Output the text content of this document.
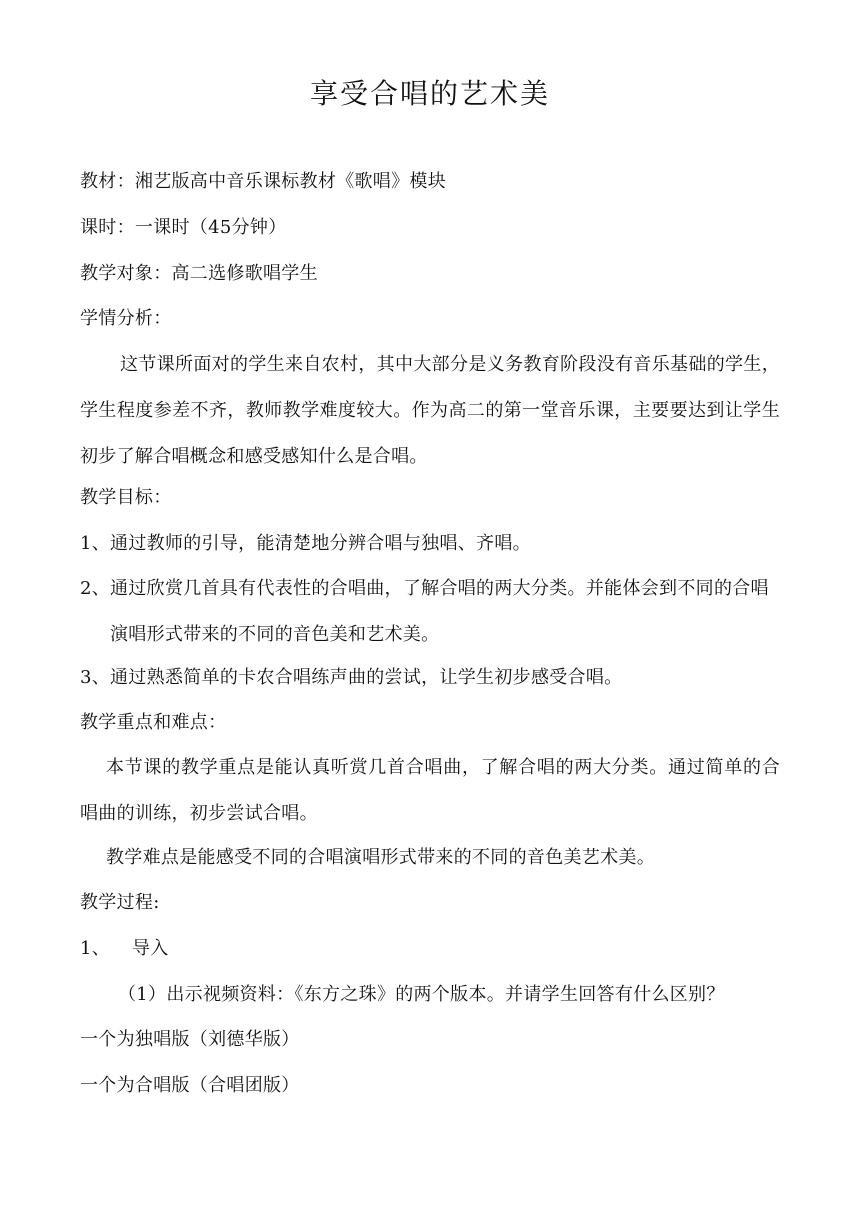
享受合唱的艺术美
教材：湘艺版高中音乐课标教材《歌唱》模块
课时：一课时（45分钟）
教学对象：高二选修歌唱学生
学情分析：
这节课所面对的学生来自农村，其中大部分是义务教育阶段没有音乐基础的学生，学生程度参差不齐，教师教学难度较大。作为高二的第一堂音乐课，主要要达到让学生初步了解合唱概念和感受感知什么是合唱。
教学目标：
1、通过教师的引导，能清楚地分辨合唱与独唱、齐唱。
2、通过欣赏几首具有代表性的合唱曲，了解合唱的两大分类。并能体会到不同的合唱演唱形式带来的不同的音色美和艺术美。
3、通过熟悉简单的卡农合唱练声曲的尝试，让学生初步感受合唱。
教学重点和难点：
本节课的教学重点是能认真听赏几首合唱曲，了解合唱的两大分类。通过简单的合唱曲的训练，初步尝试合唱。
教学难点是能感受不同的合唱演唱形式带来的不同的音色美艺术美。
教学过程:
1、 导入
（1）出示视频资料：《东方之珠》的两个版本。并请学生回答有什么区别？
一个为独唱版（刘德华版）
一个为合唱版（合唱团版）
